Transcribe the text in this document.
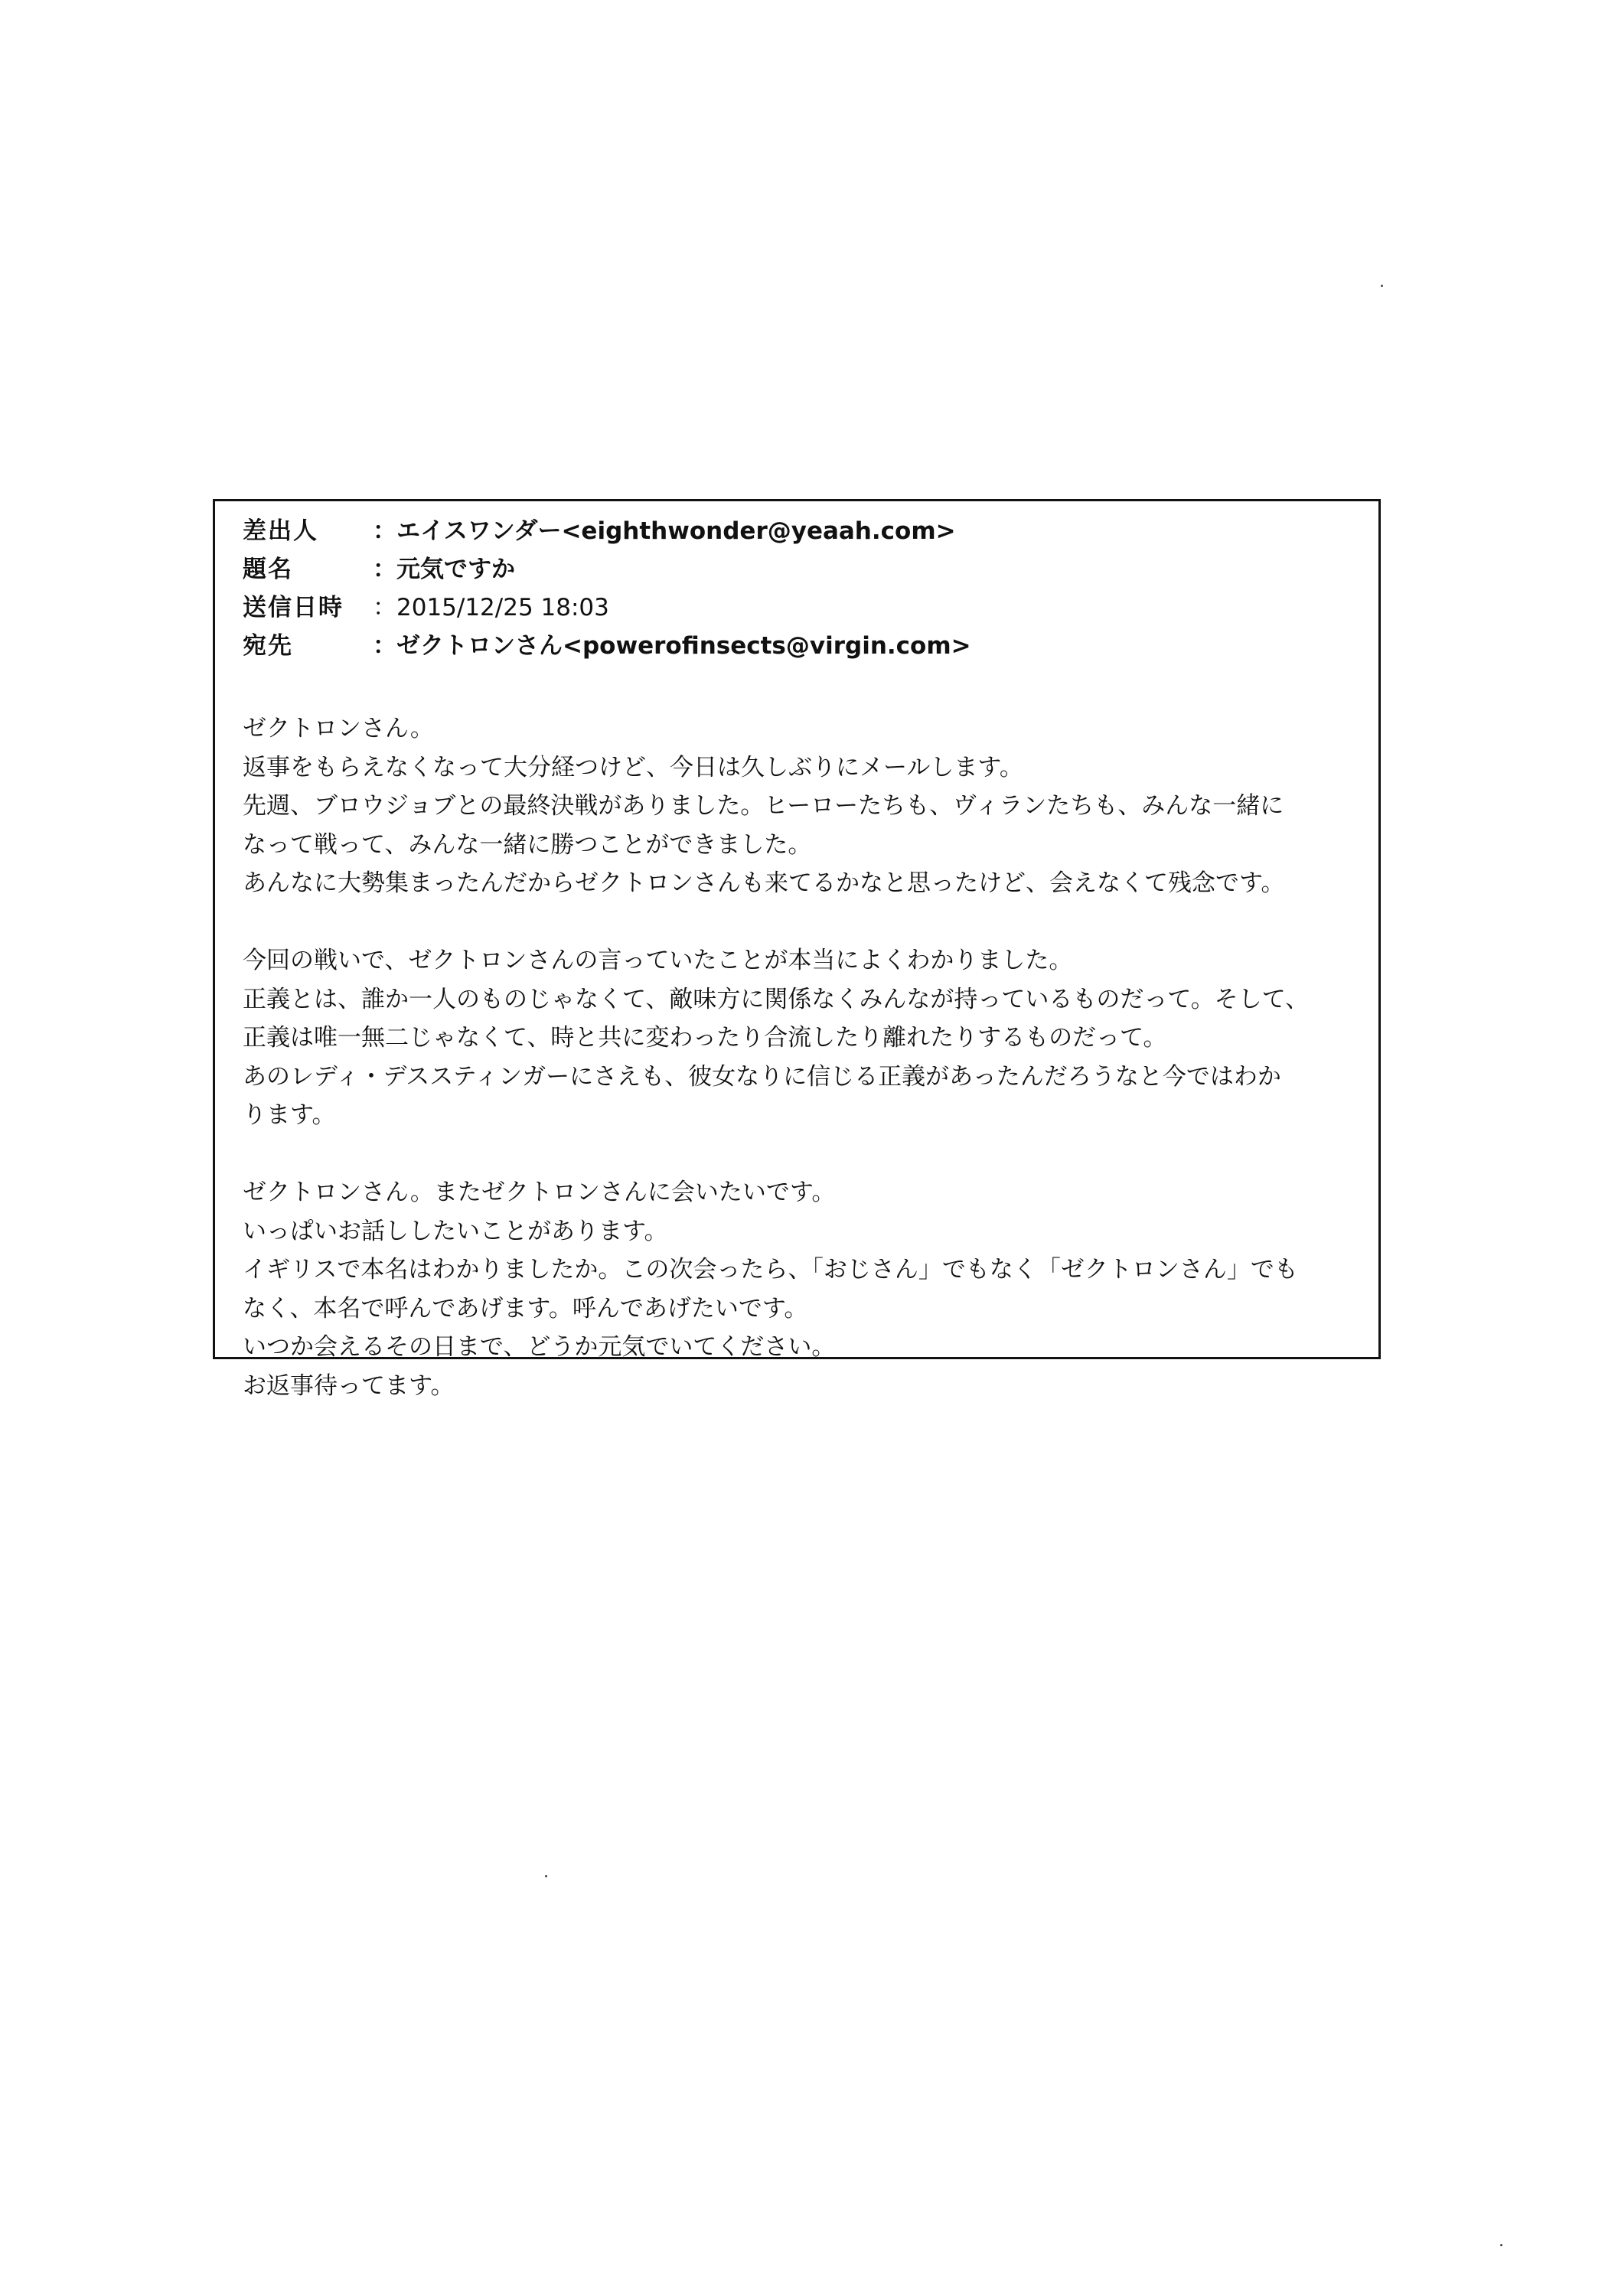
差出人	：エイスワンダー<eighthwonder@yeaah.com>
題名	：元気ですか
送信日時	：2015/12/25 18:03
宛先	：ゼクトロンさん<powerofinsects@virgin.com>
ゼクトロンさん。
返事をもらえなくなって大分経つけど、今日は久しぶりにメールします。
先週、ブロウジョブとの最終決戦がありました。ヒーローたちも、ヴィランたちも、みんな一緒に
なって戦って、みんな一緒に勝つことができました。
あんなに大勢集まったんだからゼクトロンさんも来てるかなと思ったけど、会えなくて残念です。
今回の戦いで、ゼクトロンさんの言っていたことが本当によくわかりました。
正義とは、誰か一人のものじゃなくて、敵味方に関係なくみんなが持っているものだって。そして、
正義は唯一無二じゃなくて、時と共に変わったり合流したり離れたりするものだって。
あのレディ・デススティンガーにさえも、彼女なりに信じる正義があったんだろうなと今ではわか
ります。
ゼクトロンさん。またゼクトロンさんに会いたいです。
いっぱいお話ししたいことがあります。
イギリスで本名はわかりましたか。この次会ったら、「おじさん」でもなく「ゼクトロンさん」でも
なく、本名で呼んであげます。呼んであげたいです。
いつか会えるその日まで、どうか元気でいてください。
お返事待ってます。
